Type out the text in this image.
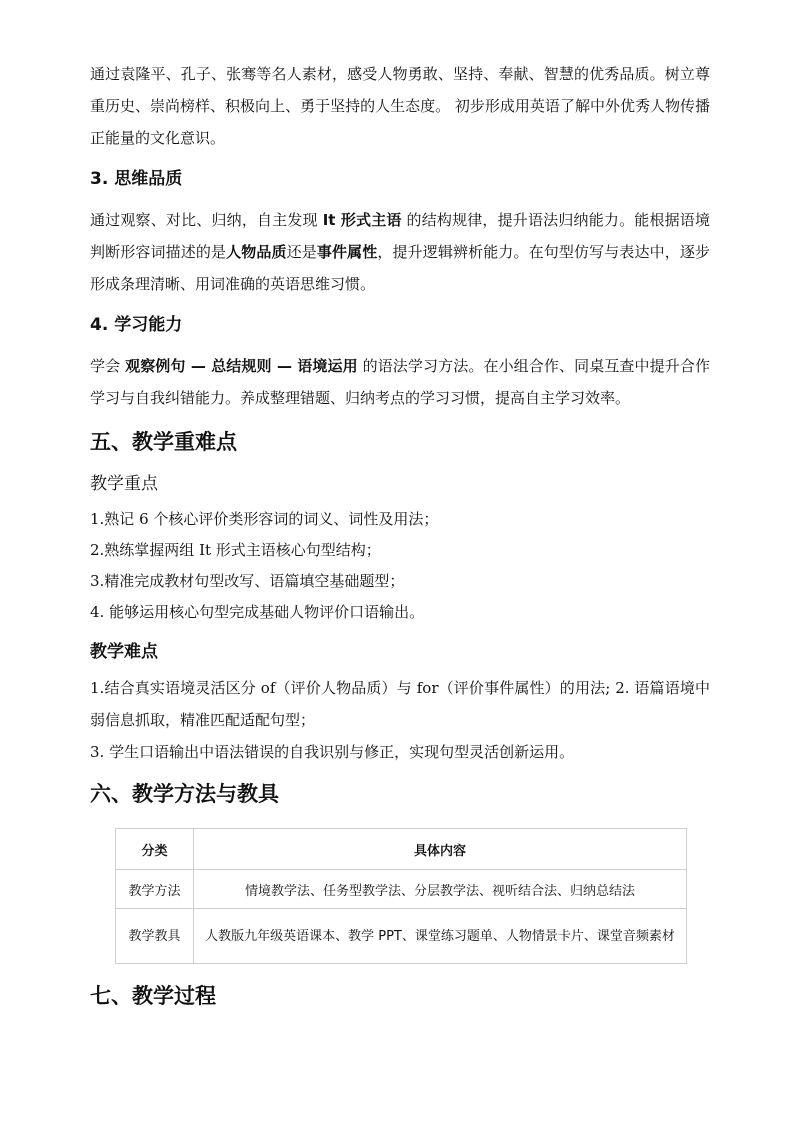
通过袁隆平、孔子、张骞等名人素材，感受人物勇敢、坚持、奉献、智慧的优秀品质。树立尊重历史、崇尚榜样、积极向上、勇于坚持的人生态度。 初步形成用英语了解中外优秀人物传播正能量的文化意识。

3. 思维品质

通过观察、对比、归纳，自主发现 It 形式主语 的结构规律，提升语法归纳能力。能根据语境判断形容词描述的是人物品质还是事件属性，提升逻辑辨析能力。在句型仿写与表达中，逐步形成条理清晰、用词准确的英语思维习惯。

4. 学习能力

学会 观察例句 — 总结规则 — 语境运用 的语法学习方法。在小组合作、同桌互查中提升合作学习与自我纠错能力。养成整理错题、归纳考点的学习习惯，提高自主学习效率。

五、教学重难点
教学重点

1.熟记 6 个核心评价类形容词的词义、词性及用法；

2.熟练掌握两组 It 形式主语核心句型结构；

3.精准完成教材句型改写、语篇填空基础题型；

4. 能够运用核心句型完成基础人物评价口语输出。

教学难点

1.结合真实语境灵活区分 of（评价人物品质）与 for（评价事件属性）的用法; 2. 语篇语境中弱信息抓取，精准匹配适配句型；

3. 学生口语输出中语法错误的自我识别与修正，实现句型灵活创新运用。

六、教学方法与教具
分类	具体内容
教学方法	情境教学法、任务型教学法、分层教学法、视听结合法、归纳总结法
教学教具	人教版九年级英语课本、教学 PPT、课堂练习题单、人物情景卡片、课堂音频素材
七、教学过程
